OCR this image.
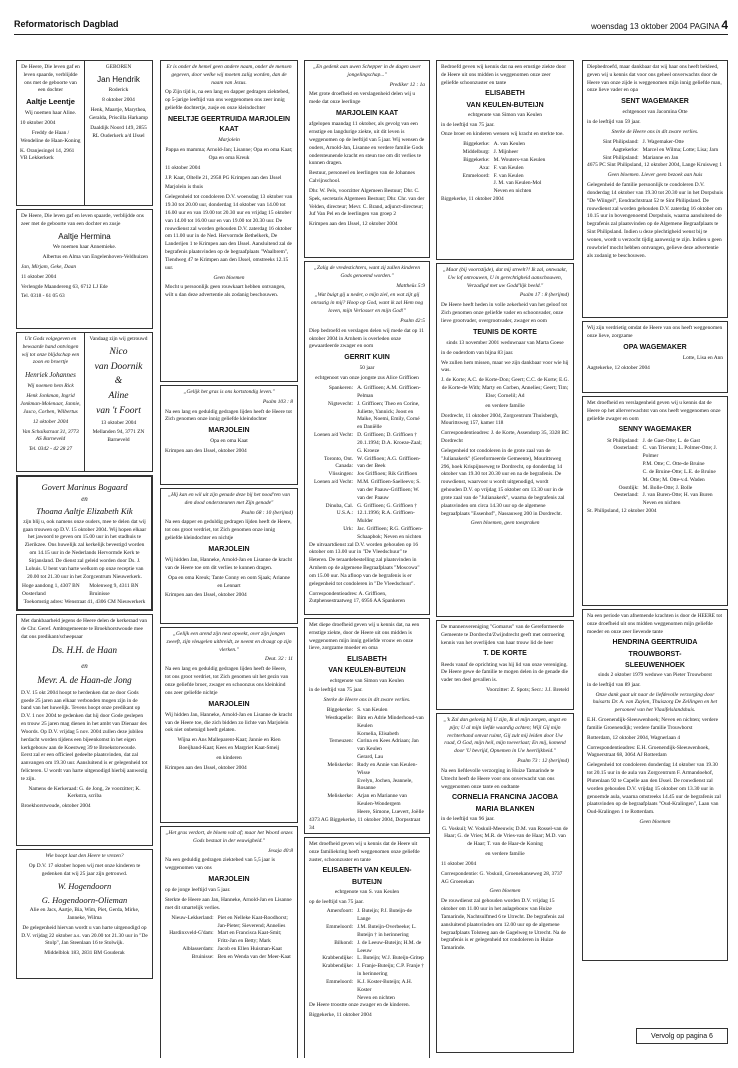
Reformatorisch Dagblad	woensdag 13 oktober 2004 PAGINA 4

De Heere, Die leven gaf en leven spaarde, verblijdde ons met de geboorte van een dochter

Aaltje Leentje

Wij noemen haar Aline.

10 oktober 2004

Freddy de Haan / Wendeline de Haan-Koning

K. Oranjesingel 14, 2961 VB Lekkerkerk

GEBOREN

Jan Hendrik

Roderick

8 oktober 2004

Henk, Maartje, Marythea, Geralda, Priscilla Harkamp

Daaldijk Noord 149, 2855 RL Ouderkerk a/d IJssel

De Heere, Die leven gaf en leven spaarde, verblijdde ons zeer met de geboorte van een dochter en zusje

Aaltje Hermina

We noemen haar Annemieke.

Albertus en Alma van Engelenhoven-Veldhuizen

Jan, Mirjam, Geke, Daan

11 oktober 2004

Verlengde Maandereng 63, 6712 LJ Ede

Tel. 0318 - 61 05 63

Uit Gods volgegeven en bewaarde hand ontvingen wij tot onze blijdschap een zoon en broertje

Henriek Johannes

Wij noemen hem Rick

Henk Jonkman, Ingrid Jonkman-Molenaar, Jannie, Jasco, Corben, Wilbertus

12 oktober 2004

Van Schaikstraat 31, 3773 AS Barneveld

Tel. 0342 - 42 28 27

Vandaag zijn wij getrouwd

Nico
van Doornik
&
Aline
van 't Foort

13 oktober 2004

Mellanden 94, 3771 ZN Barneveld

Govert Marinus Bogaard
en
Thoana Aaltje Elizabeth Kik

zijn blij u, ook namens onze ouders, mee te delen dat wij gaan trouwen op D.V. 15 oktober 2004. Wij hopen elkaar het jawoord te geven om 15.00 uur in het stadhuis te Zierikzee. Ons huwelijk zal kerkelijk bevestigd worden om 14.15 uur in de Nederlands Hervormde Kerk te Sirjansland. De dienst zal geleid worden door Ds. J. Lohuis. U bent van harte welkom op onze receptie van 20.00 tot 21.30 uur in het Zorgcentrum Nieuwerkerk.

Hoge aandong 1, 4307 BN Oosterland
Molenweg 9, 4311 BN Bruinisse

Toekomstig adres: Wenstraat 41, 4306 CM Nieuwerkerk

Met dankbaarheid jegens de Heere delen de kerkeraad van de Chr. Geref. Ambtsgemeente te Broekhorstwoude mee dat ons predikant/scheepsaar

Ds. H.H. de Haan
en
Mevr. A. de Haan-de Jong

D.V. 15 okt 2004 hoopt te herdenken dat ze door Gods goede 25 jaren aan elkaar verbonden mogen zijn in de band van het huwelijk. Tevens hoopt onze predikant op D.V. 1 nov 2004 te gedenken dat hij door Gode geslepen en trouw 25 jaren mag dienen in het ambt van Dienaar des Woords. Op D.V. vrijdag 5 nov. 2004 zullen deze jubilea herdacht worden tijdens een bijeenkomst in het eigen kerkgebouw aan de Koestweg 39 te Broekstorwoude. Eerst zal er een officieel gedeelte plaatsvinden, dat zal aanvangen om 19.30 uur. Aansluitend is er gelegenheid tot felicteren. U wordt van harte uitgenodigd hierbij aanwezig te zijn.

Namens de Kerkeraad: G. de Jong, 2e voorzitter; K. Kerkstra, scriba

Broekhorstwoude, oktober 2004

Wie hoopt laat den Heere te vrezen?

Op D.V. 17 oktober hopen wij met onze kinderen te gedenken dat wij 25 jaar zijn getrouwd.

W. Hogendoorn
G. Hogendoorn-Olieman

Alie en Jacs, Aartje, Bia, Wim, Piet, Gerda, Mirke, Janneke, Wilma

De gelegenheid hiervan wordt u van harte uitgenodigd op D.V. vrijdag 22 oktober a.s. van 20.00 tot 21.30 uur in "De Stolp", Jan Steenlaan 16 te Stolwijk.

Middelblok 183, 2831 BM Gouderak

Er is onder de hemel geen andere naam, onder de mensen gegeven, door welke wij moeten zalig worden, dan de naam van Jezus.

Op Zijn tijd is, na een lang en dapper gedragen ziektebed, op 5-jarige leeftijd van ons weggenomen ons zeer innig geliefde dochtertje, zusje en onze kleindochter

NEELTJE GEERTRUIDA MARJOLEIN KAAT

Marjolein

Pappa en mamma; Arnold-Jan; Lisanne; Opa en oma Kaat; Opa en oma Kreuk

11 oktober 2004

J.P. Kaat, Oltelle 21, 2958 PG Krimpen aan den IJssel

Marjolein is thuis

Gelegenheid tot condoleren D.V. woensdag 13 oktober van 19.30 tot 20.00 uur, donderdag 14 oktober van 14.00 tot 16.00 uur en van 19.00 tot 20.30 uur en vrijdag 15 oktober van 14.00 tot 16.00 uur en van 19.00 tot 20.30 uur. De rouwdienst zal worden gehouden D.V. zaterdag 16 oktober om 11.00 uur in de Ned. Hervormde Bethelkerk, De Landerijen 1 te Krimpen aan den IJssel. Aansluitend zal de begrafenis plaatsvinden op de begraafplaats "Waalbrem", Tiendweg 47 te Krimpen aan den IJssel, omstreeks 12.15 uur.

Geen bloemen

Mocht u persoonlijk geen rouwkaart hebben ontvangen, wilt u dan deze advertentie als zodanig beschouwen.

„Gelijk het gras is ons kortstondig leven."

Psalm 103 : 8

Na een lang en geduldig gedragen lijden heeft de Heere tot Zich genomen onze innig geliefde kleindochter

MARJOLEIN

Opa en oma Kaat

Krimpen aan den IJssel, oktober 2004

„Hij kan en wil uit zijn genade deze bij het nood'ren van den dood ondersteunen met Zijn genade"

Psalm 68 : 10 (berijmd)

Na een dapper en geduldig gedragen lijden heeft de Heere, tot ons groot verdriet, tot Zich genomen onze innig geliefde kleindochter en nichtje

MARJOLEIN

Wij hidden Jan, Hanneke, Arnold-Jan en Lisanne de kracht van de Heere toe om dit verlies te kunnen dragen.

Opa en oma Kreuk; Tante Conny en oom Sjaak; Arianne en Lennart

Krimpen aan den IJssel, oktober 2004

„Gelijk een arend zijn nest opwekt, over zijn jongen zweeft, zijn vleugelen uitbreidt, ze neemt en draagt op zijn vlerken."

Deut. 32 : 11

Na een lang en geduldig gedragen lijden heeft de Heere, tot ons groot verdriet, tot Zich genomen uit het gezin van onze geliefde broer, zwager en schoonzus ons kleinkind ons zeer geliefde nichtje

MARJOLEIN

Wij hidden Jan, Hanneke, Arnold-Jan en Lisanne de kracht van de Heere toe, die zich bidden zo lichte van Marjolein ook niet onbetuigd heeft gelaten.

Wijna en Ans Malleparent-Kaat; Jannie en Rien Boeijhand-Kaat; Kees en Margriet Kaat-Smeij

en kinderen

Krimpen aan den IJssel, oktober 2004

„Het gras verdort, de bloem valt af; maar het Woord onzes Gods bestaat in der eeuwigheid."

Jesaja 40:8

Na een geduldig gedragen ziektebed van 5,5 jaar is weggenomen van ons

MARJOLEIN

op de jonge leeftijd van 5 jaar.

Sterkte de Heere aan Jan, Hanneke, Arnold-Jan en Lisanne met dit smartelijk verlies.

Nieuw-Lekkerland: Piet en Nelleke Kaat-Roodhorst; Jan-Pieter; Sieverend; Annelies
Hardinxveld-G'dam: Mart en Francisca Kaat-Smit; Fritz-Jan en Betty; Mark
Alblasserdam: Jacob en Ellen Huisman-Kaat
Bruinisse: Ben en Wenda van der Meer-Kaat

„En gedenk aan uwen Schepper in de dagen uwer jongelingschap..."

Prediker 12 : 1a

Met grote droefheid en verslagenheid delen wij u mede dat onze leerlinge

MARJOLEIN KAAT

afgelopen maandag 11 oktober, als gevolg van een ernstige en langdurige ziekte, uit dit leven is weggenomen op de leeftijd van 5 jaar. Wij wensen de ouders, Arnold-Jan, Lisanne en verdere familie Gods ondersteunende kracht en steun toe om dit verlies te kunnen dragen.

Bestuur, personeel en leerlingen van de Johannes Calvijnschool.

Dhr. W. Pels, voorzitter Algemeen Bestuur; Dhr. C. Spek, secretaris Algemeen Bestuur; Dhr. Chr. van der Velden, directeur; Mevr. C. Brand, adjunct-directeur; Juf Van Pel en de leerlingen van groep 2

Krimpen aan den IJssel, 12 oktober 2004

„Zalig de vredestichters, want zij zullen kinderen Gods genoemd worden."

Mattheüs 5:9

„Wat buigt gij u neder, o mijn ziel, en wat zijt gij onrustig in mij? Hoop op God, want ik zal Hem nog loven, mijn Verlosser en mijn God!"

Psalm 42:5

Diep bedroefd en verslagen delen wij mede dat op 11 oktober 2004 in Arnhem is overleden onze gewaardeerde zwager en oom

GERRIT KUIN

50 jaar

echtgenoot van onze jongste zus Alice Griffioen

Spankeren: A. Griffioen; A.M. Griffioen-Pelman
Nigtevecht: J. Griffioen; Theo en Corine, Juliette, Yannick; Joost en Maike, Noemi, Emily, Corné en Daniëlle
Loenen a/d Vecht: D. Griffioen; D. Griffioen † 20.1.1994; D.A. Kroeze-Zaal; G. Kroeze
Toronto, Ont. Canada:
W. Griffioen; A.G. Griffioen-van der Beek
Vlissingen: Jos Griffioen; Rik Griffioen
Loenen a/d Vecht: M.M. Griffioen-Saelleevo; S. van der Paauw-Griffioen; W. van der Paauw
Dinuba, Cal. U.S.A.:
G. Griffioen; G. Griffioen † 12.1.1996; R.A. Griffioen-Mulder
Urk: Jac. Griffioen; R.G. Griffioen-Schaapbok; Neven en nichten

De uitvaartdienst zal D.V. worden gehouden op 16 oktober om 13.00 uur in "De Vleedschuur" te Heteren. De teraardebestelling zal plaatsvinden in Arnhem op de algemene Begraafplaats "Moscowa" om 15.00 uur. Na afloop van de begrafenis is er gelegenheid tot condoleren in "De Vleedschuur".

Correspondentieadres: A. Griffioen, Zutphensestraatweg 17, 6956 AA Spankeren

Met diepe droefheid geven wij u kennis dat, na een ernstige ziekte, door de Heere uit ons midden is weggenomen mijn innig geliefde vrouw en onze lieve, zorgzame moeder en oma

ELISABETH
VAN KEULEN-BUTEIJN

echtgenote van Simon van Keulen

in de leeftijd van 75 jaar.

Sterke de Heere ons in dit zware verlies.

Biggekerke: S. van Keulen
Westkapelle: Bim en Adrie Minderhoud-van Keulen
Kornelia, Elisabeth
Terneuzen: Corina en Kees Adriaan; Jan van Keulen
Gerard, Lau
Meliskerke: Rudy en Annie van Keulen-Wisse
Evelyn, Jochen, Jeannele, Rosanne
Meliskerke: Arjan en Marianne van Keulen-Wondergem
Heere, Simone, Luevert, Joëlle

4373 AG Biggekerke, 11 oktober 2004, Dorpsstraat 34

Met droefheid geven wij u kennis dat de Heere uit onze familiekring heeft weggenomen onze geliefde zuster, schoonzuster en tante

ELISABETH VAN KEULEN-
BUTEIJN

echtgenote van S. van Keulen

op de leeftijd van 75 jaar.

Amersfoort: J. Buteijn; P.J. Buteijn-de Lange
Emmeloord: J.M. Buteijn-Overbeeke; L. Buteijn † in herinnering
Bilkond: J. de Leeuw-Buteijn; H.M. de Leeuw
Krabbendijke: L. Buteijn; W.J. Buteijn-Gritep
Krabbendijke: J. Franje-Buteijn; C.P. Franje † in herinnering
Emmeloord: K.J. Koster-Buteijn; A.H. Koster
Neven en nichten

De Heere troostte onze zwager en de kinderen.

Biggekerke, 11 oktober 2004

Bedroefd geven wij kennis dat na een ernstige ziekte door de Heere uit ons midden is weggenomen onze zeer geliefde schoonzuster en tante

ELISABETH
VAN KEULEN-BUTEIJN

echtgenote van Simon van Keulen

in de leeftijd van 75 jaar.

Onze broer en kinderen wensen wij kracht en sterkte toe.

Biggekerke: A. van Keulen
Middelburg: J. Mijnheer
Biggekerke: M. Wouters-van Keulen
Axa: F. van Keulen
Emmeloord: F. van Keulen
J. M. van Keulen-Mol
Neven en nichten

Biggekerke, 11 oktober 2004

„Maar (bij voortstijde), dat mij streelt?! Ik zal, ontwaakt, Uw lof ontvouwen, U in gerechtigheid aanschouwen, Verzadigd met uw Godd'lijk beeld."

Psalm 17 : 8 (berijmd)

De Heere heeft heden in volle zekerheid van het geloof tot Zich genomen onze geliefde vader en schoonvader, onze lieve grootvader, overgrootvader, zwager en oom

TEUNIS DE KORTE

sinds 13 november 2001 weduwnaar van Marta Goese

in de ouderdom van bijna 83 jaar.

We zullen hem missen, maar we zijn dankbaar voor wie hij was.

J. de Korte; A.C. de Korte-Don; Geert; C.C. de Korte; E.G. de Korte-de With; Marty en Corben, Annelies; Geert; Tim; Else; Cornelil; Ad

en verdere familie

Dordrecht, 11 oktober 2004, Zorgcentrum Thuisbergh, Mourittsweg 157, kamer 118

Correspondentieadres: J. de Korte, Assendorp 35, 3328 BC Dordrecht

Gelegenheid tot condoleren in de grote zaal van de "Julianakerk" (Gereformeerde Gemeente), Mourittsweg 296, hoek Krispijnseweg te Dordrecht, op donderdag 14 oktober van 19.30 tot 20.30 uur en na de begrafenis. De rouwdienst, waarvoor u wordt uitgenodigd, wordt gehouden D.V. op vrijdag 15 oktober om 13.30 uur in de grote zaal van de "Julianakerk", waarna de begrafenis zal plaatsvinden om circa 14.30 uur op de algemene begraafplaats "Essenhof", Nassauweg 200 in Dordrecht.

Geen bloemen, geen toespraken

De mannenvereniging "Gomarus" van de Gereformeerde Gemeente te Dordrecht/Zwijndrecht geeft met ontroering kennis van het overlijden van haar trouw lid de heer

T. DE KORTE

Reeds vanaf de oprichting was hij lid van onze vereniging. De Heere gewe de familie te mogen delen in de genade die vader ten deel gevallen is.

Voorzitter: Z. Spots; Secr.: J.J. Breteld

„'k Zal dan gelovig bij U zijn, Ik al mijn zorgen, angst en pijn; U al mijn liefde waardig achten; Wijl Gij mijn rechterhand omvat ruimt, Gij zult mij leiden door Uw raad, O God, mijn heil, mijn toeverlaat; En mij, komend door 'U bevrijd, Opnemen in Uw heerlijkheid."

Psalm 73 : 12 (berijmd)

Na een liefdevolle verzorging in Huize Tamarinde te Utrecht heeft de Heere voor ons onverwacht van ons weggenomen onze tante en oudtante

CORNELIA FRANCINA JACOBA
MARIA BLANKEN

in de leeftijd van 96 jaar.

G. Voskuil; W. Voskuil-Meeuwis; D.M. van Rossel-van de Haar; G. de Vries; M.R. de Vries-van de Haar; M.D. van de Haar; T. van de Haar-de Koning

en verdere familie

11 oktober 2004

Correspondentie: G. Voskuil, Groenekanseweg 28, 3737 AG Groenekan

Geen bloemen

De rouwdienst zal gehouden worden D.V. vrijdag 15 oktober om 11.00 uur in het aulagebouw van Huize Tamarinde, Nachtsulfmed 6 te Utrecht. De begrafenis zal aansluitend plaatsvinden om 12.00 uur op de algemene begraafplaats Tolsteeg aan de Gagelweg te Utrecht. Na de begrafenis is er gelegenheid tot condoleren in Huize Tamarinde.

Diepbedroefd, maar dankbaar dat wij haar ons heeft bekleed, geven wij u kennis dat voor ons geheel onverwachts door de Heere van onze zijde is weggenomen mijn innig geliefde man, onze lieve vader en opa

SENT WAGEMAKER

echtgenoot van Jacomina Otte

in de leeftijd van 59 jaar.

Sterke de Heere ons in dit zware verlies.

Sint Philipsland: J. Wagemaker-Otte
Aagtekerke: Marcel en Wilma; Lotte; Lisa; Jarn
Sint Philipsland: Marianne en Jan

4675 PC Sint Philipsland, 12 oktober 2004, Lange Kruisweg 1

Geen bloemen. Liever geen bezoek aan huis

Gelegenheid de familie persoonlijk te condoleren D.V. donderdag 14 oktober van 19.30 tot 20.30 uur in het Dorpshuis "De Wiingel", Eendrachtstraat 52 te Sint Philipsland. De rouwdienst zal worden gehouden D.V. zaterdag 16 oktober om 10.15 uur in bovengenoemd Dorpshuis, waarna aansluitend de begrafenis zal plaatsvinden op de Algemene Begraafplaats te Sint Philipsland. Indien u deze plechtigheid wenst bij te wonen, wordt u verzocht tijdig aanwezig te zijn. Indien u geen rouwbrief mocht hebben ontvangen, gelieve deze advertentie als zodanig te beschouwen.

Wij zijn verdrietig omdat de Heere van ons heeft weggenomen onze lieve, zorgzame

OPA WAGEMAKER

Lotte, Lisa en Ann

Aagtekerke, 12 oktober 2004

Met droefheid en verslagenheid geven wij u kennis dat de Heere op het allerverwachtst van ons heeft weggenomen onze geliefde zwager en oom

SENNY WAGEMAKER
St Philipsland: J. de Gast-Otte; L. de Gast
Oosterland: C. van Trierum; L. Polmer-Otte; J. Polmer
P.M. Otte; C. Otte-de Bruine
C. de Bruine-Otte; L.E. de Bruine
M. Otte; M. Otte-v.d. Waden
Oostdijk: M. Bolle-Otte; J. Bolle
Oesterland: J. van Buren-Otte; H. van Buren
Neven en nichten

St. Philipsland, 12 oktober 2004

Na een periode van afnemende krachten is door de HEERE tot onze droefheid uit ons midden weggenomen mijn geliefde moeder en onze zeer lievende tante

HENDRINA GEERTRUIDA
TROUWBORST-
SLEEUWENHOEK

sinds 2 oktober 1979 weduwe van Pieter Trouwborst

in de leeftijd van 89 jaar.

Onze dank gaat uit naar de liefdevolle verzorging door huisarts Dr. A. van Zuylen, Thuiszorg De Zellingen en het personeel van het Vlaaifelslandshuis.

E.H. Groenendijk-Sleeuwenhoek; Neven en nichten; verdere familie Groenendijk; verdere familie Trouwborst

Rotterdam, 12 oktober 2004, Wagnerlaan 4

Correspondentieadres: E.H. Groenendijk-Sleeuwenhoek, Wagnerstraat 68, 3064 AJ Rotterdam

Gelegenheid tot condoleren donderdag 14 oktober van 19.30 tot 20.15 uur in de aula van Zorgcentrum F. Armandoehof, Plutenlaan 92 te Capelle aan den IJssel. De rouwdienst zal worden gehouden D.V. vrijdag 15 oktober om 13.30 uur in genoemde aula, waarna omstreeks 14.45 uur de begrafenis zal plaatsvinden op de begraafplaats "Oud-Kralingen", Laan van Oud-Kralingen 1 te Rotterdam.

Geen bloemen

Vervolg op pagina 6
